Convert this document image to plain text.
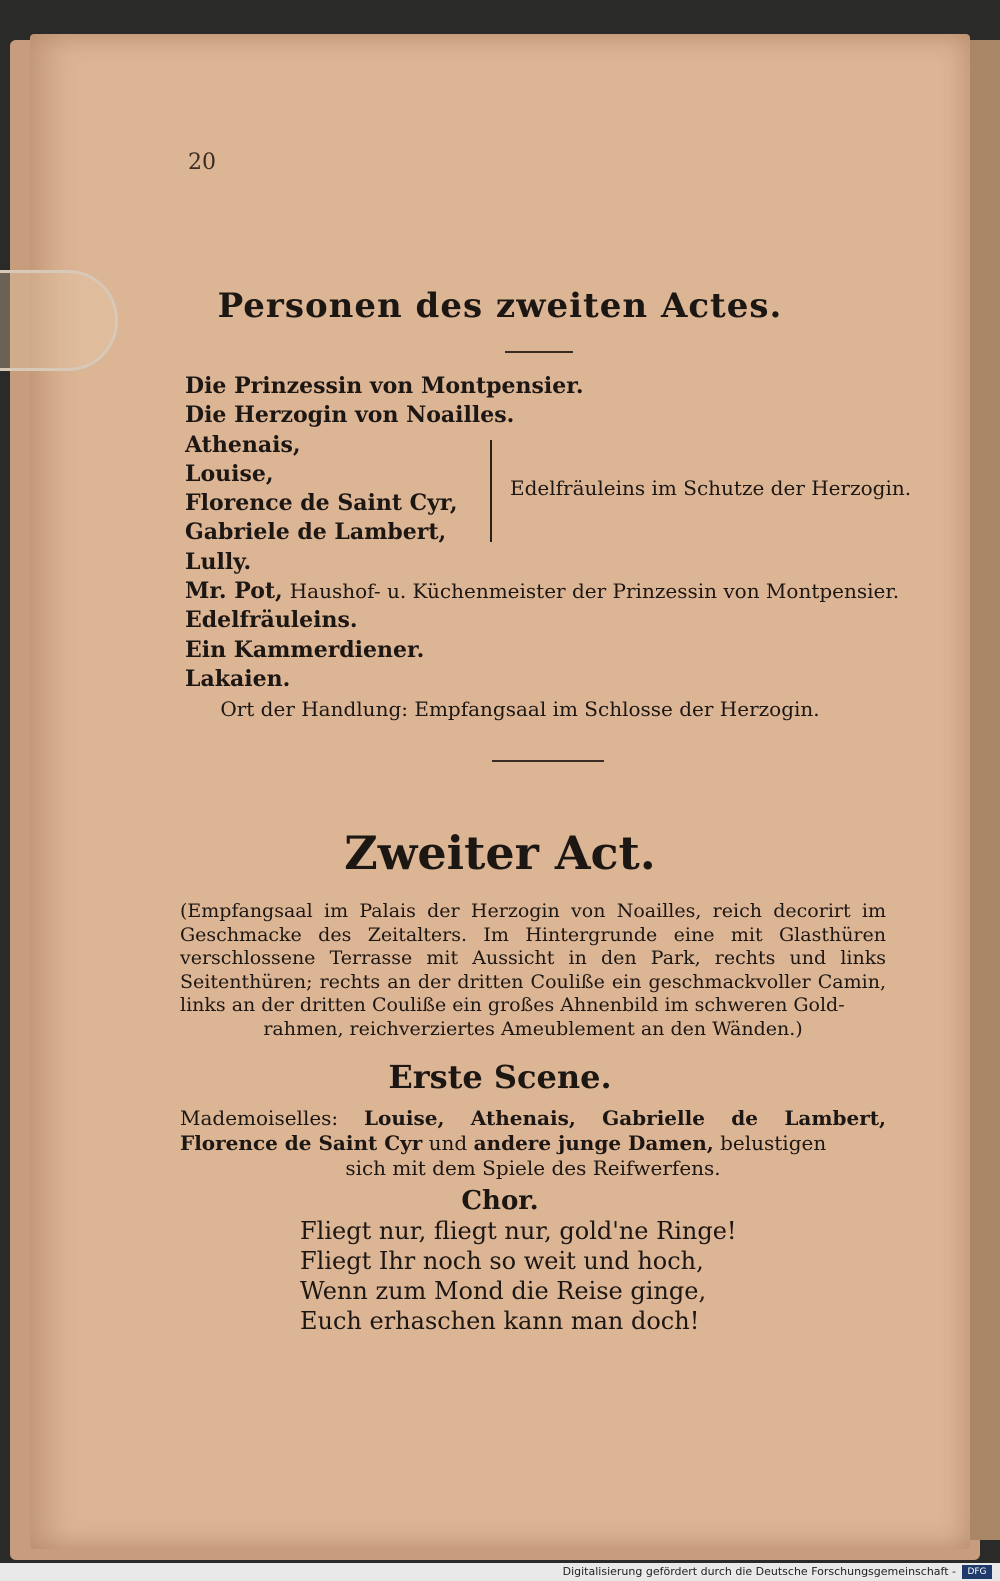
20
Personen des zweiten Actes.
Die Prinzessin von Montpensier.
Die Herzogin von Noailles.
Athenais,
Louise,
Florence de Saint Cyr,
Gabriele de Lambert,
Lully.
Mr. Pot, Haushof- u. Küchenmeister der Prinzessin von Montpensier.
Edelfräuleins.
Ein Kammerdiener.
Lakaien.
Edelfräuleins im Schutze der Herzogin.
Ort der Handlung: Empfangsaal im Schlosse der Herzogin.
Zweiter Act.
(Empfangsaal im Palais der Herzogin von Noailles, reich decorirt im Geschmacke des Zeitalters. Im Hintergrunde eine mit Glasthüren verschlossene Terrasse mit Aussicht in den Park, rechts und links Seitenthüren; rechts an der dritten Couliße ein geschmackvoller Camin, links an der dritten Couliße ein großes Ahnenbild im schweren Gold-
rahmen, reichverziertes Ameublement an den Wänden.)
Erste Scene.
Mademoiselles: Louise, Athenais, Gabrielle de Lambert, Florence de Saint Cyr und andere junge Damen, belustigen
sich mit dem Spiele des Reifwerfens.
Chor.
Fliegt nur, fliegt nur, gold'ne Ringe!
Fliegt Ihr noch so weit und hoch,
Wenn zum Mond die Reise ginge,
Euch erhaschen kann man doch!
Digitalisierung gefördert durch die Deutsche Forschungsgemeinschaft -	DFG
